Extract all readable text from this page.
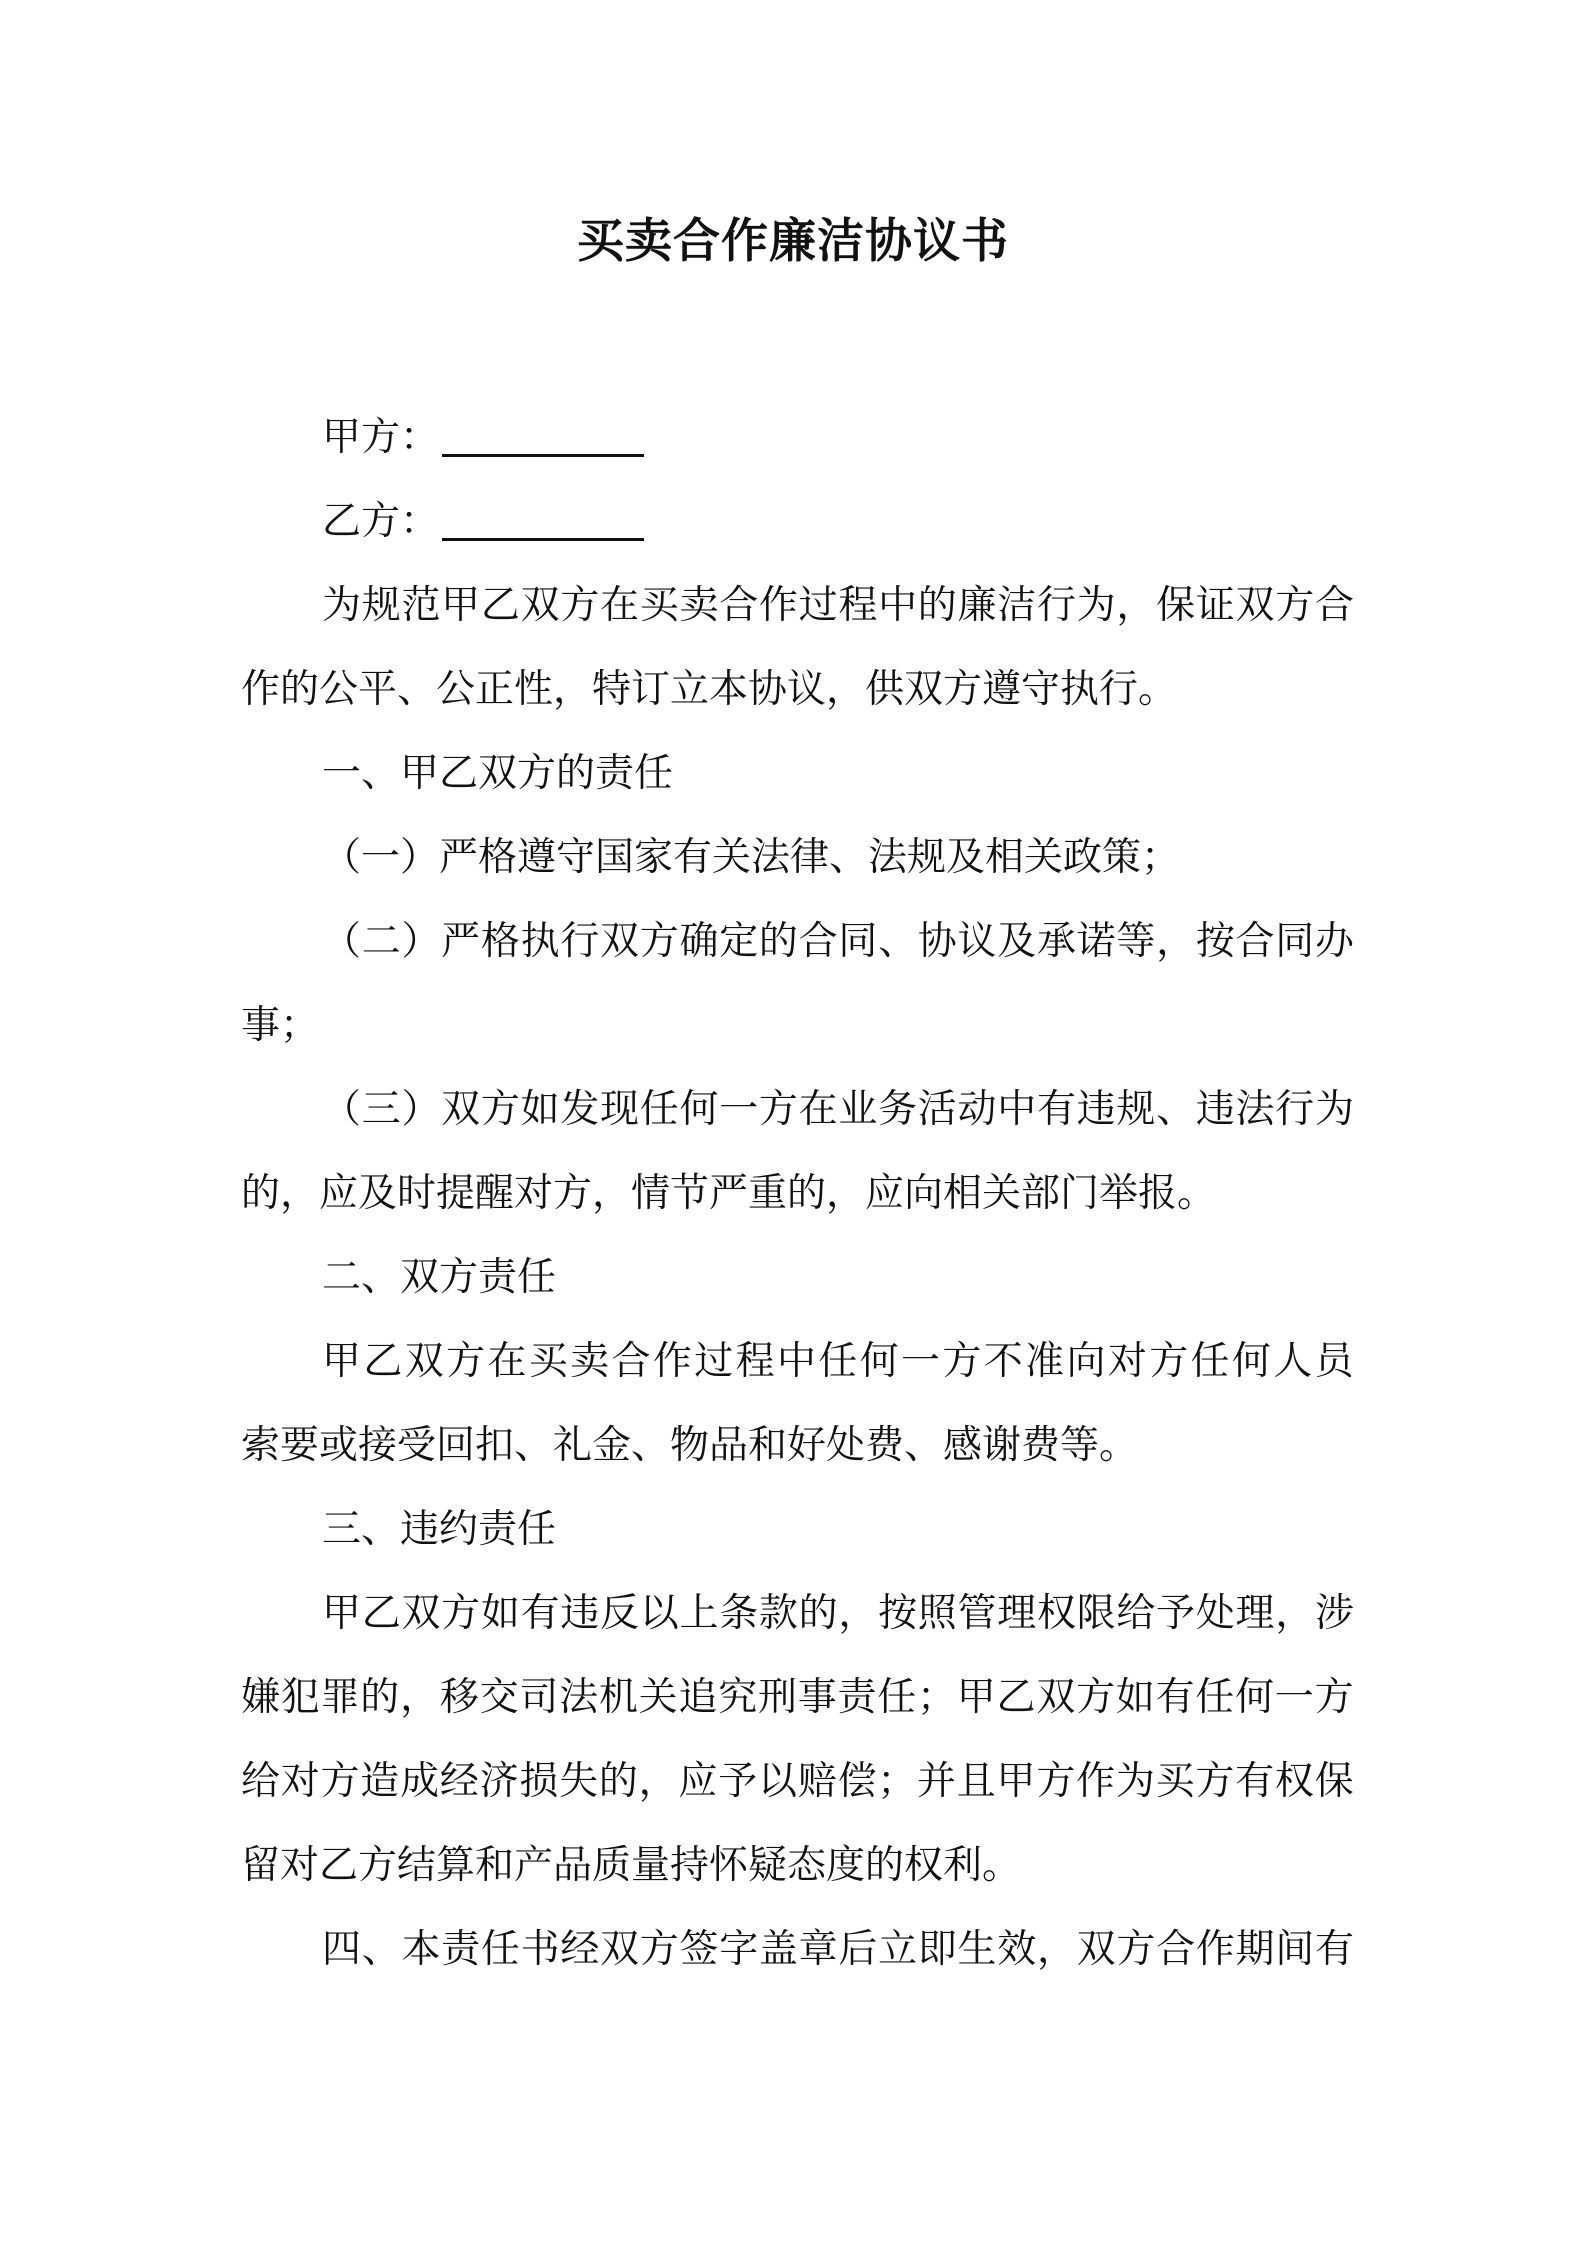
买卖合作廉洁协议书
甲方：
乙方：
为 规 范 甲 乙 双 方 在 买 卖 合 作 过 程 中 的 廉 洁 行 为 ， 保 证 双 方 合
作的公平、公正性，特订立本协议，供双方遵守执行。
一、甲乙双方的责任
（一）严格遵守国家有关法律、法规及相关政策；
（ 二 ） 严 格 执 行 双 方 确 定 的 合 同 、 协 议 及 承 诺 等 ， 按 合 同 办
事；
（ 三 ） 双 方 如 发 现 任 何 一 方 在 业 务 活 动 中 有 违 规 、 违 法 行 为
的，应及时提醒对方，情节严重的，应向相关部门举报。
二、双方责任
甲 乙 双 方 在 买 卖 合 作 过 程 中 任 何 一 方 不 准 向 对 方 任 何 人 员
索要或接受回扣、礼金、物品和好处费、感谢费等。
三、违约责任
甲 乙 双 方 如 有 违 反 以 上 条 款 的 ， 按 照 管 理 权 限 给 予 处 理 ， 涉
嫌 犯 罪 的 ， 移 交 司 法 机 关 追 究 刑 事 责 任 ； 甲 乙 双 方 如 有 任 何 一 方
给 对 方 造 成 经 济 损 失 的 ， 应 予 以 赔 偿 ； 并 且 甲 方 作 为 买 方 有 权 保
留对乙方结算和产品质量持怀疑态度的权利。
四 、 本 责 任 书 经 双 方 签 字 盖 章 后 立 即 生 效 ， 双 方 合 作 期 间 有
